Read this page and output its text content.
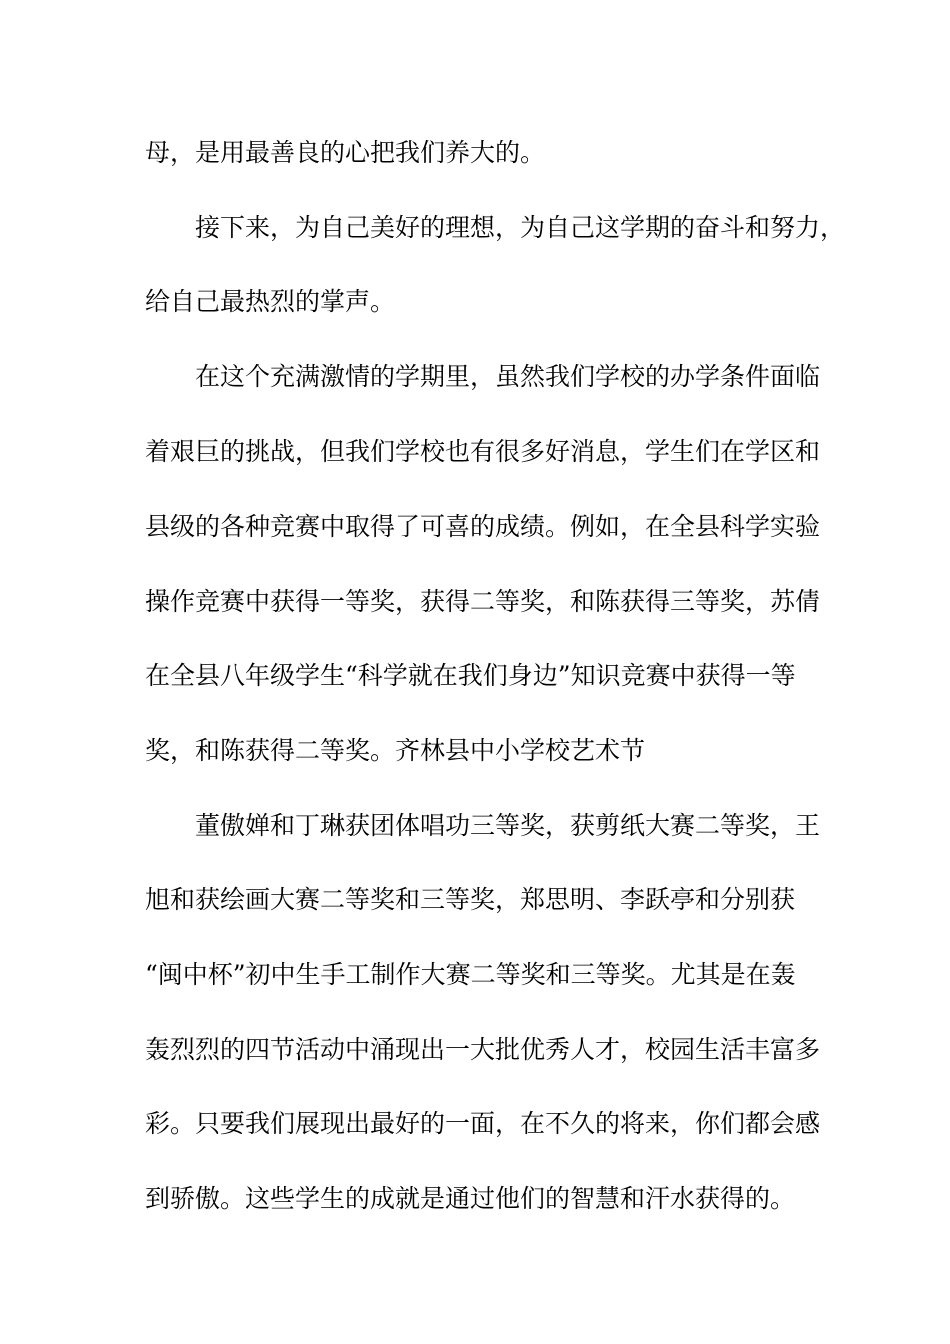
母，是用最善良的心把我们养大的。

接下来，为自己美好的理想，为自己这学期的奋斗和努力，

给自己最热烈的掌声。

在这个充满激情的学期里，虽然我们学校的办学条件面临

着艰巨的挑战，但我们学校也有很多好消息，学生们在学区和

县级的各种竞赛中取得了可喜的成绩。例如，在全县科学实验

操作竞赛中获得一等奖，获得二等奖，和陈获得三等奖，苏倩

在全县八年级学生“科学就在我们身边”知识竞赛中获得一等

奖，和陈获得二等奖。齐林县中小学校艺术节

董傲婵和丁琳获团体唱功三等奖，获剪纸大赛二等奖，王

旭和获绘画大赛二等奖和三等奖，郑思明、李跃亭和分别获

“闽中杯”初中生手工制作大赛二等奖和三等奖。尤其是在轰

轰烈烈的四节活动中涌现出一大批优秀人才，校园生活丰富多

彩。只要我们展现出最好的一面，在不久的将来，你们都会感

到骄傲。这些学生的成就是通过他们的智慧和汗水获得的。
